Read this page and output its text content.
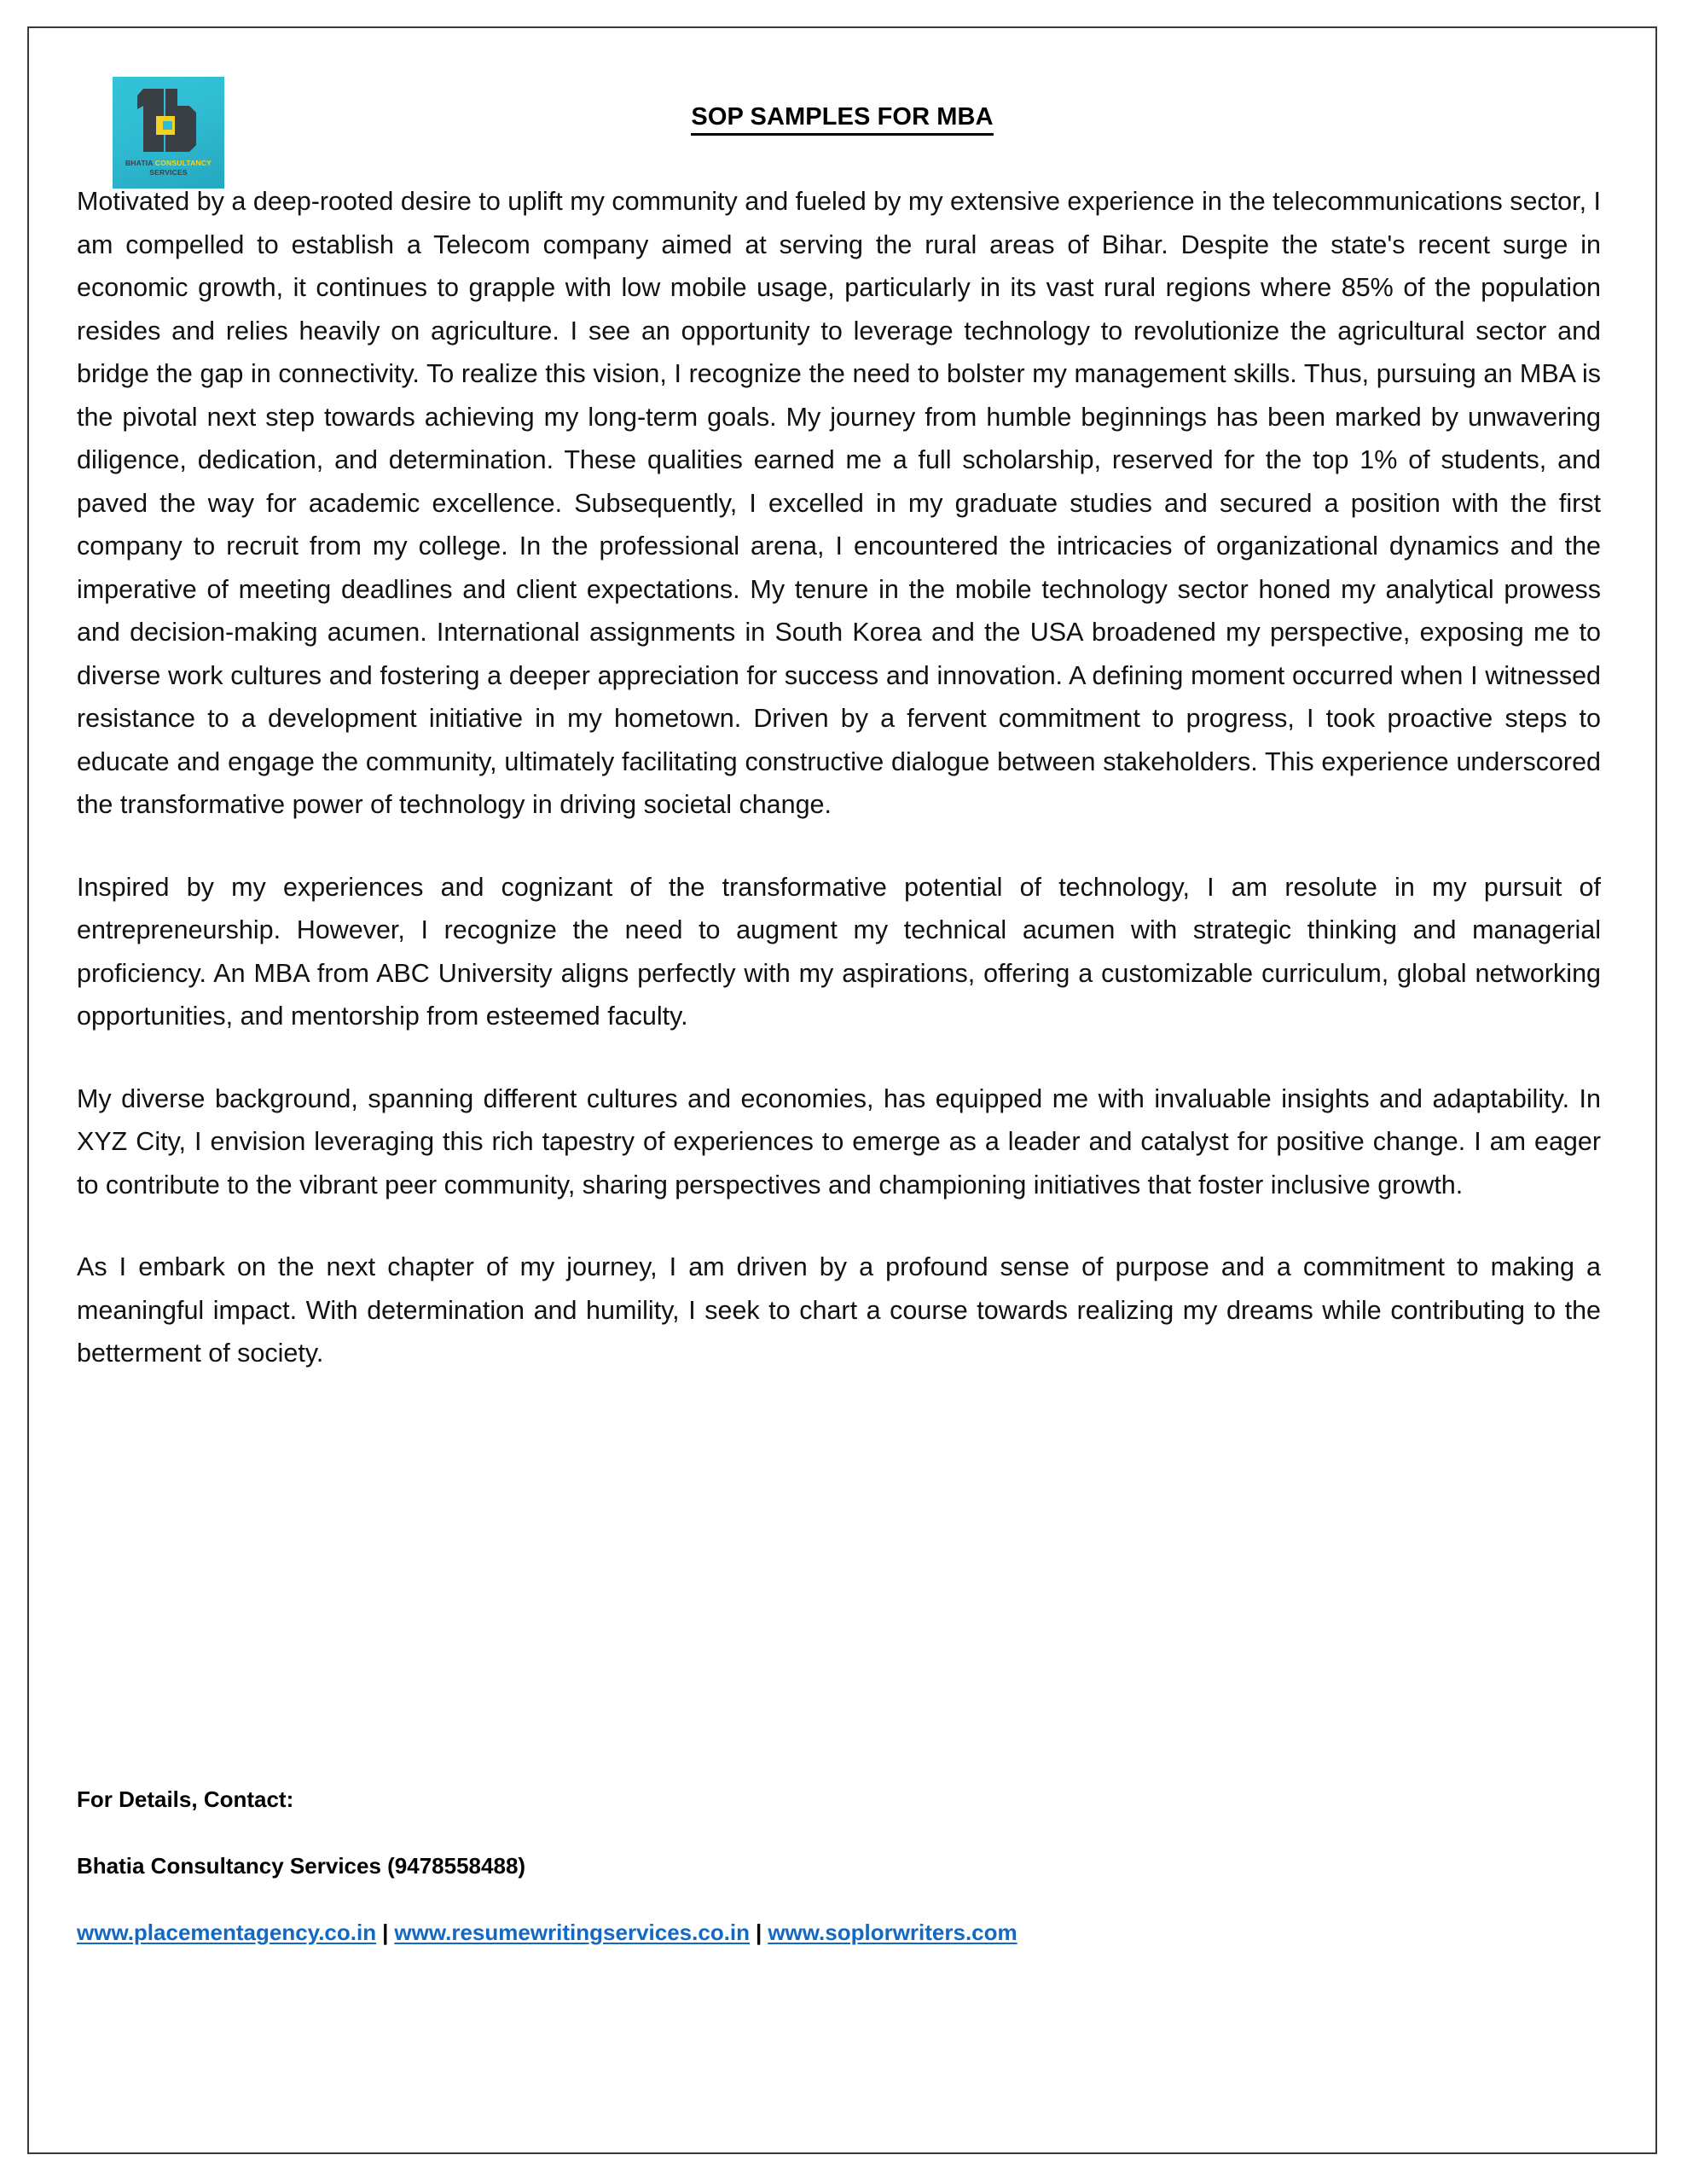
BHATIA CONSULTANCY
SERVICES
SOP SAMPLES FOR MBA

Motivated by a deep-rooted desire to uplift my community and fueled by my extensive experience in the telecommunications sector, I am compelled to establish a Telecom company aimed at serving the rural areas of Bihar. Despite the state's recent surge in economic growth, it continues to grapple with low mobile usage, particularly in its vast rural regions where 85% of the population resides and relies heavily on agriculture. I see an opportunity to leverage technology to revolutionize the agricultural sector and bridge the gap in connectivity. To realize this vision, I recognize the need to bolster my management skills. Thus, pursuing an MBA is the pivotal next step towards achieving my long-term goals. My journey from humble beginnings has been marked by unwavering diligence, dedication, and determination. These qualities earned me a full scholarship, reserved for the top 1% of students, and paved the way for academic excellence. Subsequently, I excelled in my graduate studies and secured a position with the first company to recruit from my college. In the professional arena, I encountered the intricacies of organizational dynamics and the imperative of meeting deadlines and client expectations. My tenure in the mobile technology sector honed my analytical prowess and decision-making acumen. International assignments in South Korea and the USA broadened my perspective, exposing me to diverse work cultures and fostering a deeper appreciation for success and innovation. A defining moment occurred when I witnessed resistance to a development initiative in my hometown. Driven by a fervent commitment to progress, I took proactive steps to educate and engage the community, ultimately facilitating constructive dialogue between stakeholders. This experience underscored the transformative power of technology in driving societal change.

Inspired by my experiences and cognizant of the transformative potential of technology, I am resolute in my pursuit of entrepreneurship. However, I recognize the need to augment my technical acumen with strategic thinking and managerial proficiency. An MBA from ABC University aligns perfectly with my aspirations, offering a customizable curriculum, global networking opportunities, and mentorship from esteemed faculty.

My diverse background, spanning different cultures and economies, has equipped me with invaluable insights and adaptability. In XYZ City, I envision leveraging this rich tapestry of experiences to emerge as a leader and catalyst for positive change. I am eager to contribute to the vibrant peer community, sharing perspectives and championing initiatives that foster inclusive growth.

As I embark on the next chapter of my journey, I am driven by a profound sense of purpose and a commitment to making a meaningful impact. With determination and humility, I seek to chart a course towards realizing my dreams while contributing to the betterment of society.

For Details, Contact:
Bhatia Consultancy Services (9478558488)
www.placementagency.co.in | www.resumewritingservices.co.in | www.soplorwriters.com
